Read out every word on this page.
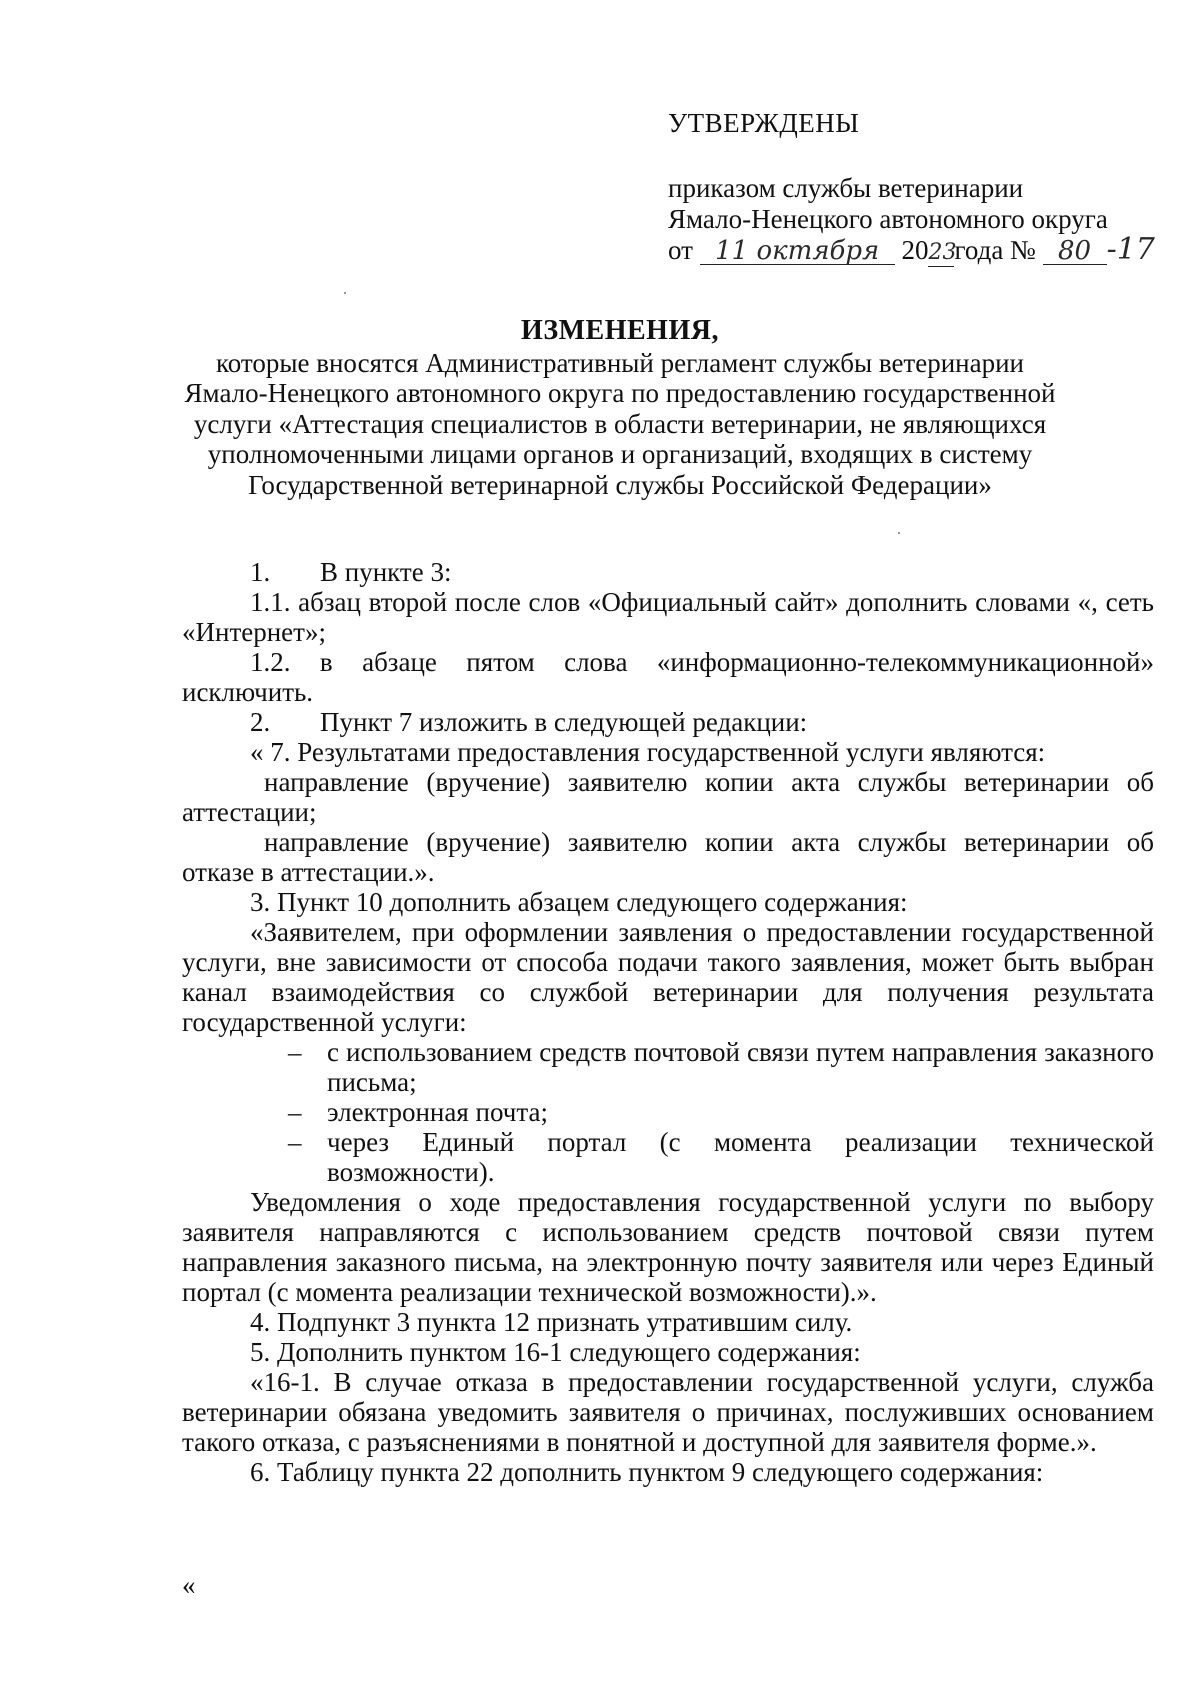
УТВЕРЖДЕНЫ
приказом службы ветеринарии
Ямало-Ненецкого автономного округа
от 11 октября 2023года № 80 -17
ИЗМЕНЕНИЯ,
которые вносятся Административный регламент службы ветеринарии
Ямало-Ненецкого автономного округа по предоставлению государственной
услуги «Аттестация специалистов в области ветеринарии, не являющихся
уполномоченными лицами органов и организаций, входящих в систему
Государственной ветеринарной службы Российской Федерации»

1. В пункте 3:

1.1. абзац второй после слов «Официальный сайт» дополнить словами «, сеть «Интернет»;

1.2. в абзаце пятом слова «информационно-телекоммуникационной» исключить.

2. Пункт 7 изложить в следующей редакции:

« 7. Результатами предоставления государственной услуги являются:

направление (вручение) заявителю копии акта службы ветеринарии об аттестации;

направление (вручение) заявителю копии акта службы ветеринарии об отказе в аттестации.».

3. Пункт 10 дополнить абзацем следующего содержания:

«Заявителем, при оформлении заявления о предоставлении государственной услуги, вне зависимости от способа подачи такого заявления, может быть выбран канал взаимодействия со службой ветеринарии для получения результата государственной услуги:

– с использованием средств почтовой связи путем направления заказного письма;
– электронная почта;
– через Единый портал (с момента реализации технической возможности).

Уведомления о ходе предоставления государственной услуги по выбору заявителя направляются с использованием средств почтовой связи путем направления заказного письма, на электронную почту заявителя или через Единый портал (с момента реализации технической возможности).».

4. Подпункт 3 пункта 12 признать утратившим силу.

5. Дополнить пунктом 16-1 следующего содержания:

«16-1. В случае отказа в предоставлении государственной услуги, служба ветеринарии обязана уведомить заявителя о причинах, послуживших основанием такого отказа, с разъяснениями в понятной и доступной для заявителя форме.».

6. Таблицу пункта 22 дополнить пунктом 9 следующего содержания:

«
